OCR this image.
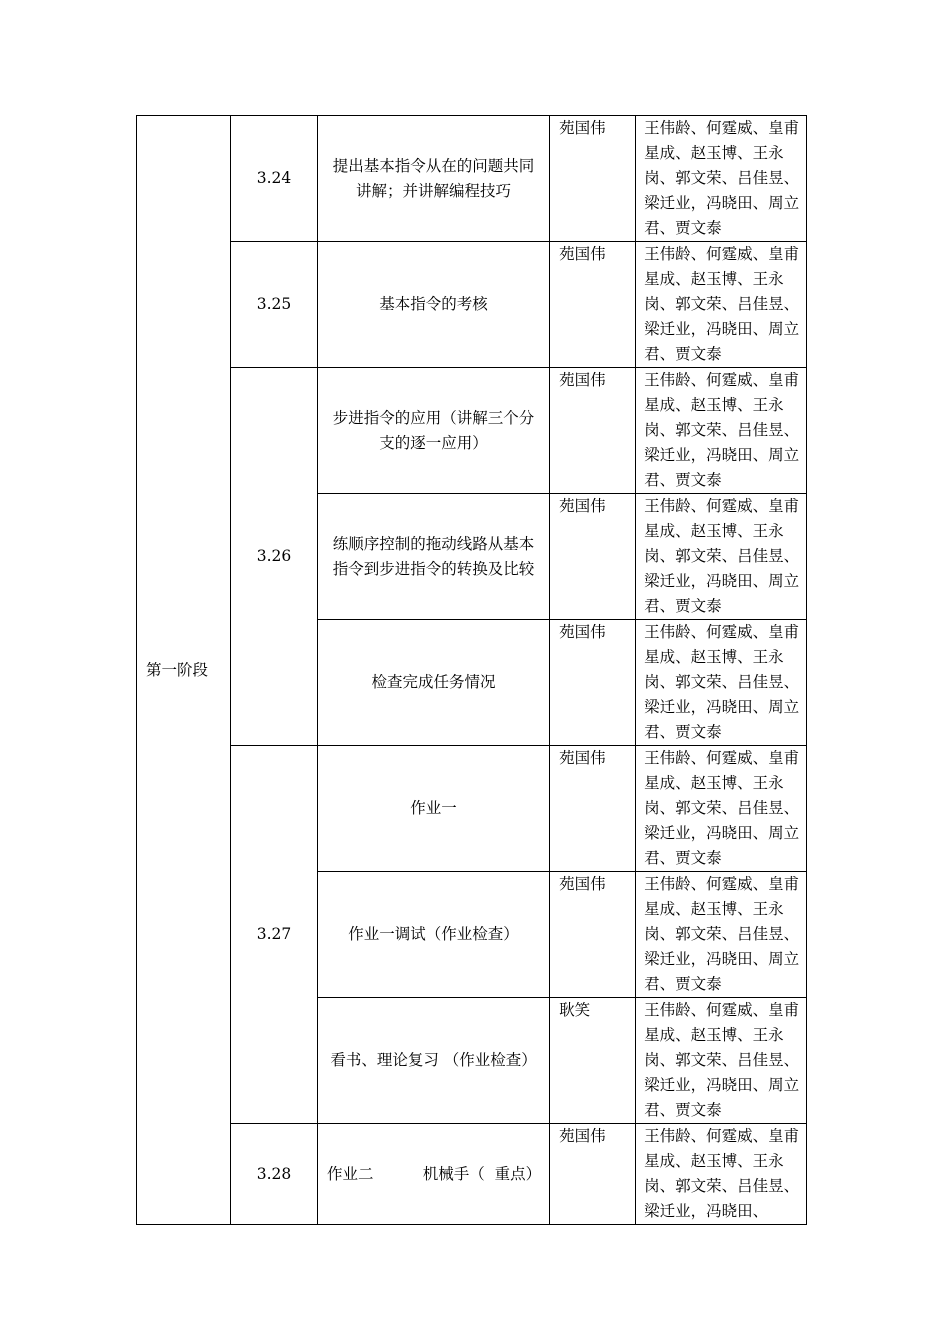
第一阶段	3.24	提出基本指令从在的问题共同讲解；并讲解编程技巧	苑国伟	王伟龄、何霆威、皇甫星成、赵玉博、王永岗、郭文荣、吕佳昱、梁迁业，冯晓田、周立君、贾文泰
	3.25	基本指令的考核	苑国伟	王伟龄、何霆威、皇甫星成、赵玉博、王永岗、郭文荣、吕佳昱、梁迁业，冯晓田、周立君、贾文泰
	3.26	步进指令的应用（讲解三个分支的逐一应用）	苑国伟	王伟龄、何霆威、皇甫星成、赵玉博、王永岗、郭文荣、吕佳昱、梁迁业，冯晓田、周立君、贾文泰
		练顺序控制的拖动线路从基本指令到步进指令的转换及比较	苑国伟	王伟龄、何霆威、皇甫星成、赵玉博、王永岗、郭文荣、吕佳昱、梁迁业，冯晓田、周立君、贾文泰
		检查完成任务情况	苑国伟	王伟龄、何霆威、皇甫星成、赵玉博、王永岗、郭文荣、吕佳昱、梁迁业，冯晓田、周立君、贾文泰
	3.27	作业一	苑国伟	王伟龄、何霆威、皇甫星成、赵玉博、王永岗、郭文荣、吕佳昱、梁迁业，冯晓田、周立君、贾文泰
		作业一调试（作业检查）	苑国伟	王伟龄、何霆威、皇甫星成、赵玉博、王永岗、郭文荣、吕佳昱、梁迁业，冯晓田、周立君、贾文泰
		看书、理论复习 （作业检查）	耿笑	王伟龄、何霆威、皇甫星成、赵玉博、王永岗、郭文荣、吕佳昱、梁迁业，冯晓田、周立君、贾文泰
	3.28	作业二          机械手（  重点）	苑国伟	王伟龄、何霆威、皇甫星成、赵玉博、王永岗、郭文荣、吕佳昱、梁迁业，冯晓田、
